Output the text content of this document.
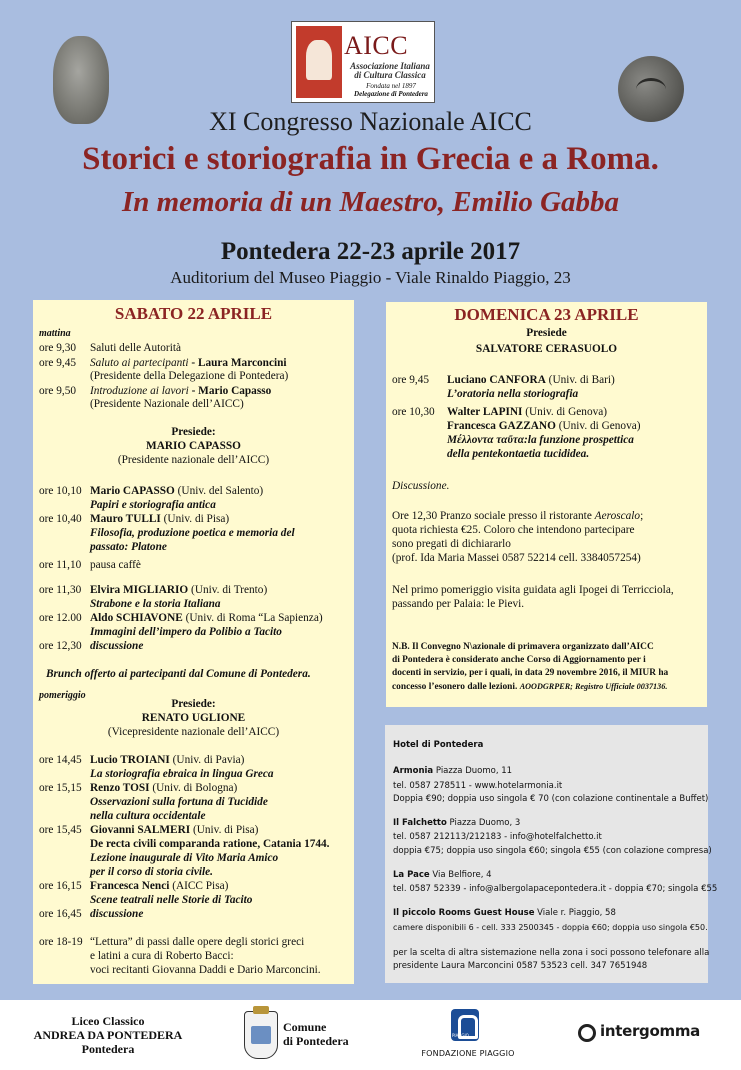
AICC
Associazione Italiana di Cultura Classica
Fondata nel 1897
Delegazione di Pontedera
XI Congresso Nazionale AICC
Storici e storiografia in Grecia e a Roma.
In memoria di un Maestro, Emilio Gabba
Pontedera 22-23 aprile 2017
Auditorium del Museo Piaggio - Viale Rinaldo Piaggio, 23
SABATO 22 APRILE
mattina
ore 9,30 Saluti delle Autorità
ore 9,45 Saluto ai partecipanti - Laura Marconcini
(Presidente della Delegazione di Pontedera)
ore 9,50 Introduzione ai lavori - Mario Capasso
(Presidente Nazionale dell’AICC)
Presiede:
MARIO CAPASSO
(Presidente nazionale dell’AICC)
ore 10,10 Mario CAPASSO (Univ. del Salento)
Papiri e storiografia antica
ore 10,40 Mauro TULLI (Univ. di Pisa)
Filosofia, produzione poetica e memoria del
passato: Platone
ore 11,10 pausa caffè
ore 11,30 Elvira MIGLIARIO (Univ. di Trento)
Strabone e la storia Italiana
ore 12.00 Aldo SCHIAVONE (Univ. di Roma “La Sapienza)
Immagini dell’impero da Polibio a Tacito
ore 12,30 discussione
Brunch offerto ai partecipanti dal Comune di Pontedera.
pomeriggio
Presiede:
RENATO UGLIONE
(Vicepresidente nazionale dell’AICC)
ore 14,45 Lucio TROIANI (Univ. di Pavia)
La storiografia ebraica in lingua Greca
ore 15,15 Renzo TOSI (Univ. di Bologna)
Osservazioni sulla fortuna di Tucidide
nella cultura occidentale
ore 15,45 Giovanni SALMERI (Univ. di Pisa)
De recta civili comparanda ratione, Catania 1744.
Lezione inaugurale di Vito Maria Amico
per il corso di storia civile.
ore 16,15 Francesca Nenci (AICC Pisa)
Scene teatrali nelle Storie di Tacito
ore 16,45 discussione
ore 18-19 “Lettura” di passi dalle opere degli storici greci
e latini a cura di Roberto Bacci:
voci recitanti Giovanna Daddi e Dario Marconcini.
DOMENICA 23 APRILE
Presiede
SALVATORE CERASUOLO
ore 9,45 Luciano CANFORA (Univ. di Bari)
L’oratoria nella storiografia
ore 10,30 Walter LAPINI (Univ. di Genova)
Francesca GAZZANO (Univ. di Genova)
Μέλλοντα ταῦτα:la funzione prospettica
della pentekontaetia tucididea.
Discussione.
Ore 12,30 Pranzo sociale presso il ristorante Aeroscalo;
quota richiesta €25. Coloro che intendono partecipare
sono pregati di dichiararlo
(prof. Ida Maria Massei 0587 52214 cell. 3384057254)
Nel primo pomeriggio visita guidata agli Ipogei di Terricciola,
passando per Palaia: le Pievi.
N.B. Il Convegno N\azionale di primavera organizzato dall’AICC
di Pontedera è considerato anche Corso di Aggiornamento per i
docenti in servizio, per i quali, in data 29 novembre 2016, il MIUR ha
concesso l’esonero dalle lezioni. AOODGRPER; Registro Ufficiale 0037136.
Hotel di Pontedera
Armonia Piazza Duomo, 11
tel. 0587 278511 - www.hotelarmonia.it
Doppia €90; doppia uso singola € 70 (con colazione continentale a Buffet)
Il Falchetto Piazza Duomo, 3
tel. 0587 212113/212183 - info@hotelfalchetto.it
doppia €75; doppia uso singola €60; singola €55 (con colazione compresa)
La Pace Via Belfiore, 4
tel. 0587 52339 - info@albergolapacepontedera.it - doppia €70; singola €55
Il piccolo Rooms Guest House Viale r. Piaggio, 58
camere disponibili 6 - cell. 333 2500345 - doppia €60; doppia uso singola €50.
per la scelta di altra sistemazione nella zona i soci possono telefonare alla
presidente Laura Marconcini 0587 53523 cell. 347 7651948
Liceo Classico
ANDREA DA PONTEDERA
Pontedera
Comune
di Pontedera	PIAGGIO
FONDAZIONE PIAGGIO
intergomma
